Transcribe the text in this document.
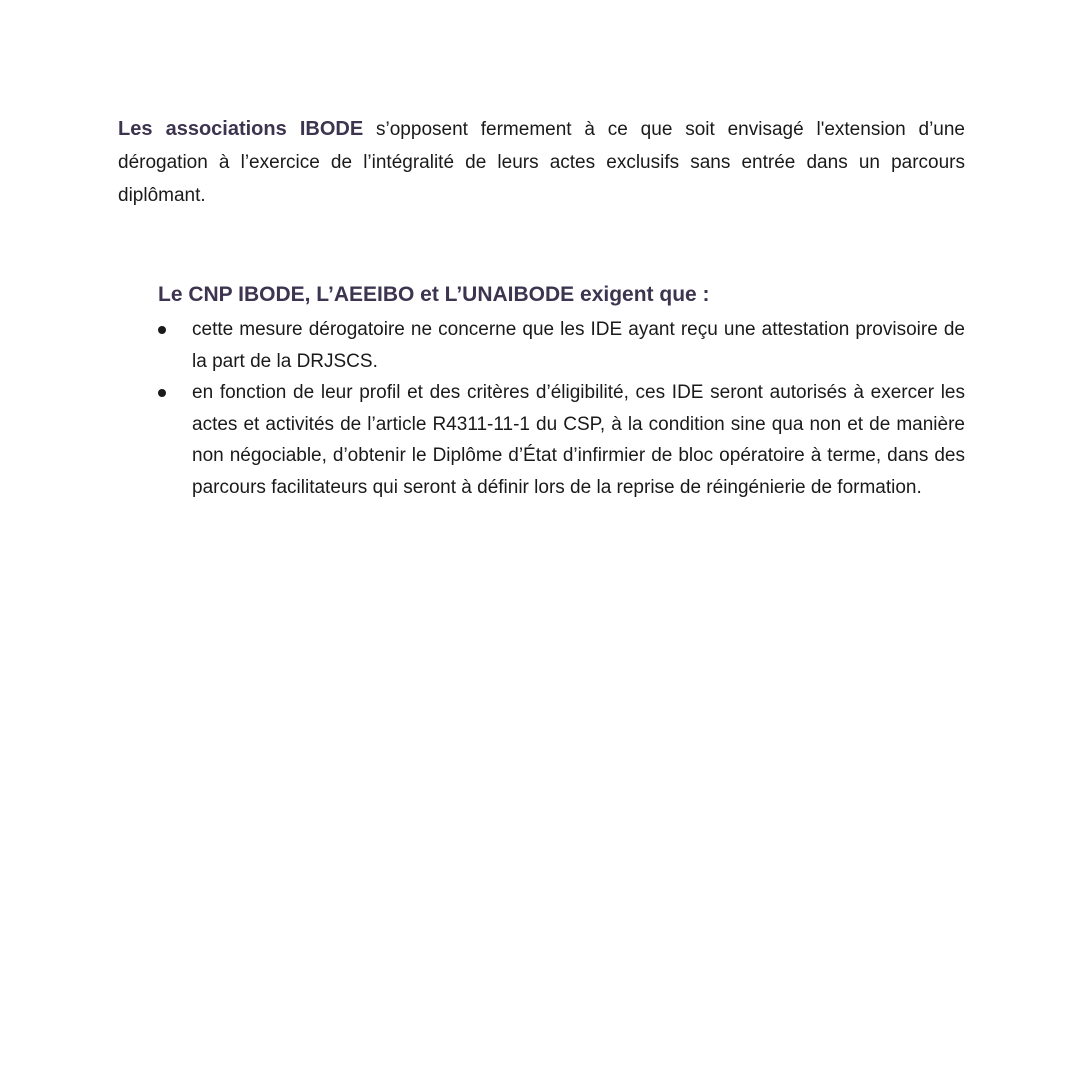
Les associations IBODE s’opposent fermement à ce que soit envisagé l'extension d’une dérogation à l’exercice de l’intégralité de leurs actes exclusifs sans entrée dans un parcours diplômant.

Le CNP IBODE, L’AEEIBO et L’UNAIBODE exigent que :
cette mesure dérogatoire ne concerne que les IDE ayant reçu une attestation provisoire de la part de la DRJSCS.
en fonction de leur profil et des critères d’éligibilité, ces IDE seront autorisés à exercer les actes et activités de l’article R4311-11-1 du CSP, à la condition sine qua non et de manière non négociable, d’obtenir le Diplôme d’État d’infirmier de bloc opératoire à terme, dans des parcours facilitateurs qui seront à définir lors de la reprise de réingénierie de formation.
